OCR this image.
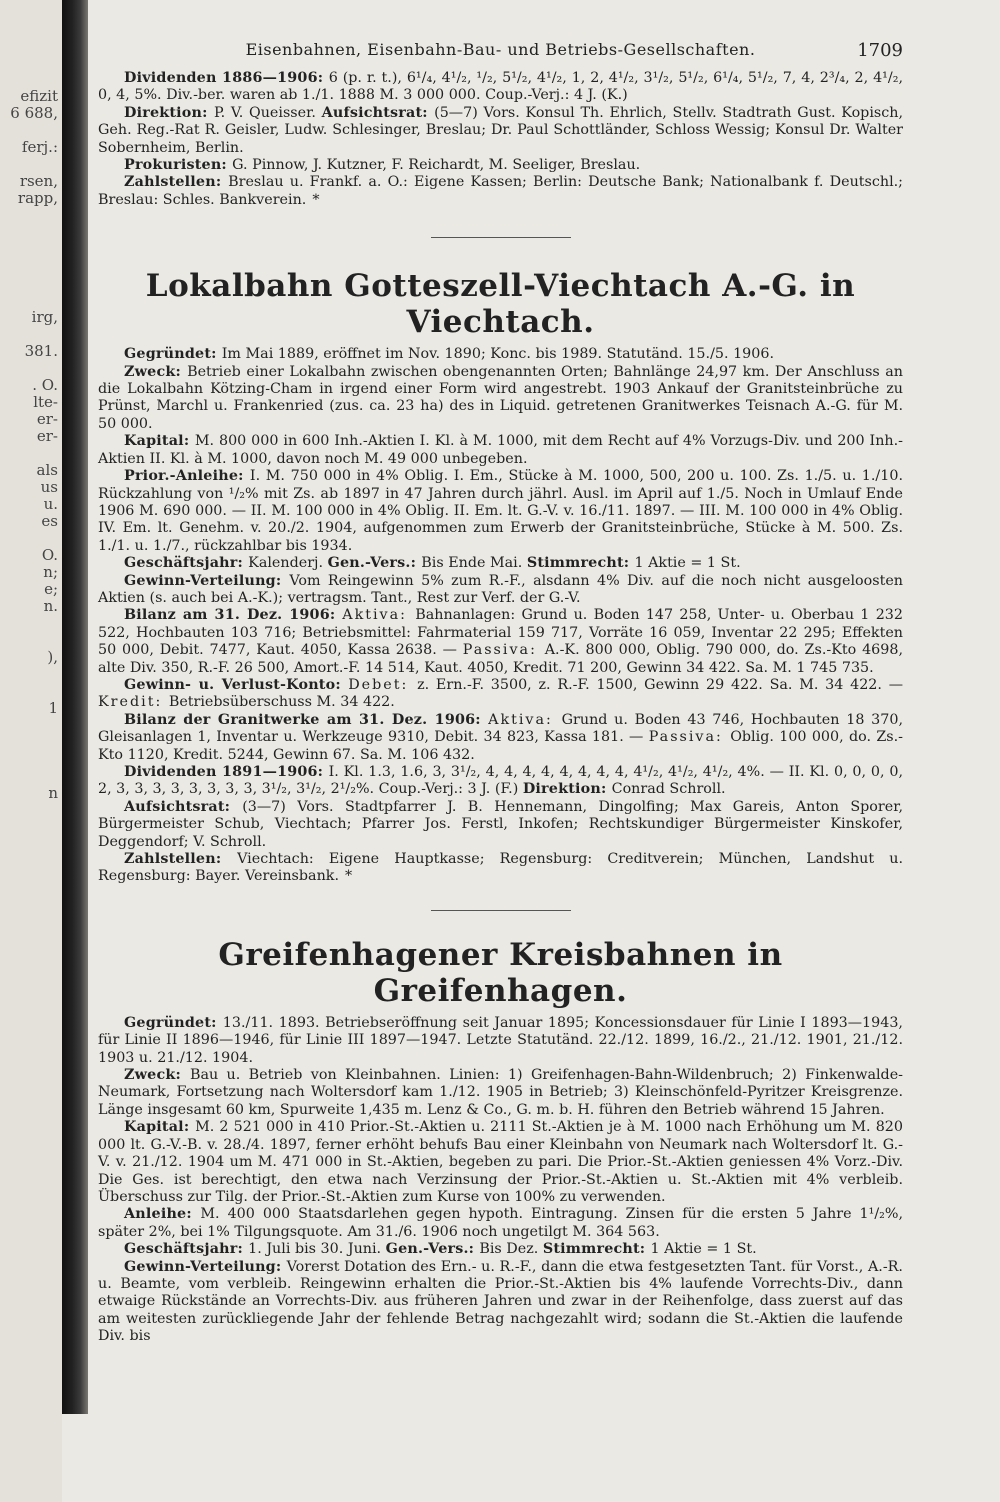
efizit
6 688,

ferj.:

rsen,
rapp,

irg,

381.

. O.
lte-
er-
er-

als
us
u.
es

O.
n;
e;
n.

),

1

n
Eisenbahnen, Eisenbahn-Bau- und Betriebs-Gesellschaften.	1709

Dividenden 1886—1906: 6 (p. r. t.), 6¹/₄, 4¹/₂, ¹/₂, 5¹/₂, 4¹/₂, 1, 2, 4¹/₂, 3¹/₂, 5¹/₂, 6¹/₄, 5¹/₂, 7, 4, 2³/₄, 2, 4¹/₂, 0, 4, 5%. Div.-ber. waren ab 1./1. 1888 M. 3 000 000. Coup.-Verj.: 4 J. (K.)

Direktion: P. V. Queisser. Aufsichtsrat: (5—7) Vors. Konsul Th. Ehrlich, Stellv. Stadtrath Gust. Kopisch, Geh. Reg.-Rat R. Geisler, Ludw. Schlesinger, Breslau; Dr. Paul Schottländer, Schloss Wessig; Konsul Dr. Walter Sobernheim, Berlin.

Prokuristen: G. Pinnow, J. Kutzner, F. Reichardt, M. Seeliger, Breslau.

Zahlstellen: Breslau u. Frankf. a. O.: Eigene Kassen; Berlin: Deutsche Bank; Nationalbank f. Deutschl.; Breslau: Schles. Bankverein. *

Lokalbahn Gotteszell-Viechtach A.-G. in Viechtach.

Gegründet: Im Mai 1889, eröffnet im Nov. 1890; Konc. bis 1989. Statutänd. 15./5. 1906.

Zweck: Betrieb einer Lokalbahn zwischen obengenannten Orten; Bahnlänge 24,97 km. Der Anschluss an die Lokalbahn Kötzing-Cham in irgend einer Form wird angestrebt. 1903 Ankauf der Granitsteinbrüche zu Prünst, Marchl u. Frankenried (zus. ca. 23 ha) des in Liquid. getretenen Granitwerkes Teisnach A.-G. für M. 50 000.

Kapital: M. 800 000 in 600 Inh.-Aktien I. Kl. à M. 1000, mit dem Recht auf 4% Vorzugs-Div. und 200 Inh.-Aktien II. Kl. à M. 1000, davon noch M. 49 000 unbegeben.

Prior.-Anleihe: I. M. 750 000 in 4% Oblig. I. Em., Stücke à M. 1000, 500, 200 u. 100. Zs. 1./5. u. 1./10. Rückzahlung von ¹/₂% mit Zs. ab 1897 in 47 Jahren durch jährl. Ausl. im April auf 1./5. Noch in Umlauf Ende 1906 M. 690 000. — II. M. 100 000 in 4% Oblig. II. Em. lt. G.-V. v. 16./11. 1897. — III. M. 100 000 in 4% Oblig. IV. Em. lt. Genehm. v. 20./2. 1904, aufgenommen zum Erwerb der Granitsteinbrüche, Stücke à M. 500. Zs. 1./1. u. 1./7., rückzahlbar bis 1934.

Geschäftsjahr: Kalenderj. Gen.-Vers.: Bis Ende Mai. Stimmrecht: 1 Aktie = 1 St.

Gewinn-Verteilung: Vom Reingewinn 5% zum R.-F., alsdann 4% Div. auf die noch nicht ausgeloosten Aktien (s. auch bei A.-K.); vertragsm. Tant., Rest zur Verf. der G.-V.

Bilanz am 31. Dez. 1906: Aktiva: Bahnanlagen: Grund u. Boden 147 258, Unter- u. Oberbau 1 232 522, Hochbauten 103 716; Betriebsmittel: Fahrmaterial 159 717, Vorräte 16 059, Inventar 22 295; Effekten 50 000, Debit. 7477, Kaut. 4050, Kassa 2638. — Passiva: A.-K. 800 000, Oblig. 790 000, do. Zs.-Kto 4698, alte Div. 350, R.-F. 26 500, Amort.-F. 14 514, Kaut. 4050, Kredit. 71 200, Gewinn 34 422. Sa. M. 1 745 735.

Gewinn- u. Verlust-Konto: Debet: z. Ern.-F. 3500, z. R.-F. 1500, Gewinn 29 422. Sa. M. 34 422. — Kredit: Betriebsüberschuss M. 34 422.

Bilanz der Granitwerke am 31. Dez. 1906: Aktiva: Grund u. Boden 43 746, Hochbauten 18 370, Gleisanlagen 1, Inventar u. Werkzeuge 9310, Debit. 34 823, Kassa 181. — Passiva: Oblig. 100 000, do. Zs.-Kto 1120, Kredit. 5244, Gewinn 67. Sa. M. 106 432.

Dividenden 1891—1906: I. Kl. 1.3, 1.6, 3, 3¹/₂, 4, 4, 4, 4, 4, 4, 4, 4, 4¹/₂, 4¹/₂, 4¹/₂, 4%. — II. Kl. 0, 0, 0, 0, 2, 3, 3, 3, 3, 3, 3, 3, 3, 3¹/₂, 3¹/₂, 2¹/₂%. Coup.-Verj.: 3 J. (F.) Direktion: Conrad Schroll.

Aufsichtsrat: (3—7) Vors. Stadtpfarrer J. B. Hennemann, Dingolfing; Max Gareis, Anton Sporer, Bürgermeister Schub, Viechtach; Pfarrer Jos. Ferstl, Inkofen; Rechtskundiger Bürgermeister Kinskofer, Deggendorf; V. Schroll.

Zahlstellen: Viechtach: Eigene Hauptkasse; Regensburg: Creditverein; München, Landshut u. Regensburg: Bayer. Vereinsbank. *

Greifenhagener Kreisbahnen in Greifenhagen.

Gegründet: 13./11. 1893. Betriebseröffnung seit Januar 1895; Koncessionsdauer für Linie I 1893—1943, für Linie II 1896—1946, für Linie III 1897—1947. Letzte Statutänd. 22./12. 1899, 16./2., 21./12. 1901, 21./12. 1903 u. 21./12. 1904.

Zweck: Bau u. Betrieb von Kleinbahnen. Linien: 1) Greifenhagen-Bahn-Wildenbruch; 2) Finkenwalde-Neumark, Fortsetzung nach Woltersdorf kam 1./12. 1905 in Betrieb; 3) Kleinschönfeld-Pyritzer Kreisgrenze. Länge insgesamt 60 km, Spurweite 1,435 m. Lenz & Co., G. m. b. H. führen den Betrieb während 15 Jahren.

Kapital: M. 2 521 000 in 410 Prior.-St.-Aktien u. 2111 St.-Aktien je à M. 1000 nach Erhöhung um M. 820 000 lt. G.-V.-B. v. 28./4. 1897, ferner erhöht behufs Bau einer Kleinbahn von Neumark nach Woltersdorf lt. G.-V. v. 21./12. 1904 um M. 471 000 in St.-Aktien, begeben zu pari. Die Prior.-St.-Aktien geniessen 4% Vorz.-Div. Die Ges. ist berechtigt, den etwa nach Verzinsung der Prior.-St.-Aktien u. St.-Aktien mit 4% verbleib. Überschuss zur Tilg. der Prior.-St.-Aktien zum Kurse von 100% zu verwenden.

Anleihe: M. 400 000 Staatsdarlehen gegen hypoth. Eintragung. Zinsen für die ersten 5 Jahre 1¹/₂%, später 2%, bei 1% Tilgungsquote. Am 31./6. 1906 noch ungetilgt M. 364 563.

Geschäftsjahr: 1. Juli bis 30. Juni. Gen.-Vers.: Bis Dez. Stimmrecht: 1 Aktie = 1 St.

Gewinn-Verteilung: Vorerst Dotation des Ern.- u. R.-F., dann die etwa festgesetzten Tant. für Vorst., A.-R. u. Beamte, vom verbleib. Reingewinn erhalten die Prior.-St.-Aktien bis 4% laufende Vorrechts-Div., dann etwaige Rückstände an Vorrechts-Div. aus früheren Jahren und zwar in der Reihenfolge, dass zuerst auf das am weitesten zurückliegende Jahr der fehlende Betrag nachgezahlt wird; sodann die St.-Aktien die laufende Div. bis
